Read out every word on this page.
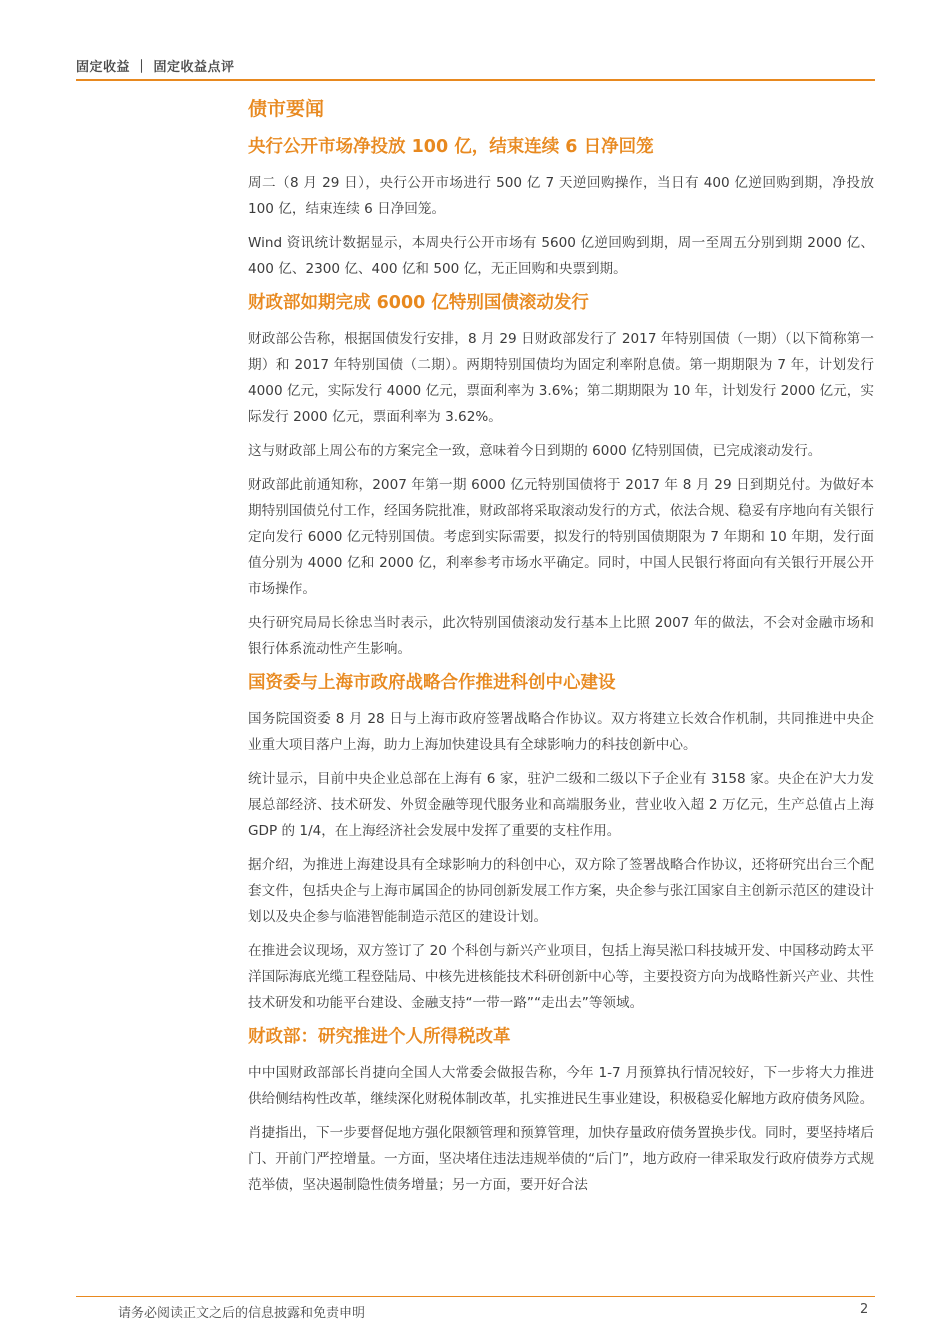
固定收益 ｜ 固定收益点评
债市要闻
央行公开市场净投放 100 亿，结束连续 6 日净回笼

周二（8 月 29 日），央行公开市场进行 500 亿 7 天逆回购操作，当日有 400 亿逆回购到期，净投放 100 亿，结束连续 6 日净回笼。

Wind 资讯统计数据显示，本周央行公开市场有 5600 亿逆回购到期，周一至周五分别到期 2000 亿、400 亿、2300 亿、400 亿和 500 亿，无正回购和央票到期。

财政部如期完成 6000 亿特别国债滚动发行

财政部公告称，根据国债发行安排，8 月 29 日财政部发行了 2017 年特别国债（一期）（以下简称第一期）和 2017 年特别国债（二期）。两期特别国债均为固定利率附息债。第一期期限为 7 年，计划发行 4000 亿元，实际发行 4000 亿元，票面利率为 3.6%；第二期期限为 10 年，计划发行 2000 亿元，实际发行 2000 亿元，票面利率为 3.62%。

这与财政部上周公布的方案完全一致，意味着今日到期的 6000 亿特别国债，已完成滚动发行。

财政部此前通知称，2007 年第一期 6000 亿元特别国债将于 2017 年 8 月 29 日到期兑付。为做好本期特别国债兑付工作，经国务院批准，财政部将采取滚动发行的方式，依法合规、稳妥有序地向有关银行定向发行 6000 亿元特别国债。考虑到实际需要，拟发行的特别国债期限为 7 年期和 10 年期，发行面值分别为 4000 亿和 2000 亿，利率参考市场水平确定。同时，中国人民银行将面向有关银行开展公开市场操作。

央行研究局局长徐忠当时表示，此次特别国债滚动发行基本上比照 2007 年的做法，不会对金融市场和银行体系流动性产生影响。

国资委与上海市政府战略合作推进科创中心建设

国务院国资委 8 月 28 日与上海市政府签署战略合作协议。双方将建立长效合作机制，共同推进中央企业重大项目落户上海，助力上海加快建设具有全球影响力的科技创新中心。

统计显示，目前中央企业总部在上海有 6 家，驻沪二级和二级以下子企业有 3158 家。央企在沪大力发展总部经济、技术研发、外贸金融等现代服务业和高端服务业，营业收入超 2 万亿元，生产总值占上海 GDP 的 1/4，在上海经济社会发展中发挥了重要的支柱作用。

据介绍，为推进上海建设具有全球影响力的科创中心，双方除了签署战略合作协议，还将研究出台三个配套文件，包括央企与上海市属国企的协同创新发展工作方案，央企参与张江国家自主创新示范区的建设计划以及央企参与临港智能制造示范区的建设计划。

在推进会议现场，双方签订了 20 个科创与新兴产业项目，包括上海吴淞口科技城开发、中国移动跨太平洋国际海底光缆工程登陆局、中核先进核能技术科研创新中心等，主要投资方向为战略性新兴产业、共性技术研发和功能平台建设、金融支持“一带一路”“走出去”等领域。

财政部：研究推进个人所得税改革

中中国财政部部长肖捷向全国人大常委会做报告称，今年 1-7 月预算执行情况较好，下一步将大力推进供给侧结构性改革，继续深化财税体制改革，扎实推进民生事业建设，积极稳妥化解地方政府债务风险。

肖捷指出，下一步要督促地方强化限额管理和预算管理，加快存量政府债务置换步伐。同时，要坚持堵后门、开前门严控增量。一方面，坚决堵住违法违规举债的“后门”，地方政府一律采取发行政府债券方式规范举债，坚决遏制隐性债务增量；另一方面，要开好合法

请务必阅读正文之后的信息披露和免责申明	2
